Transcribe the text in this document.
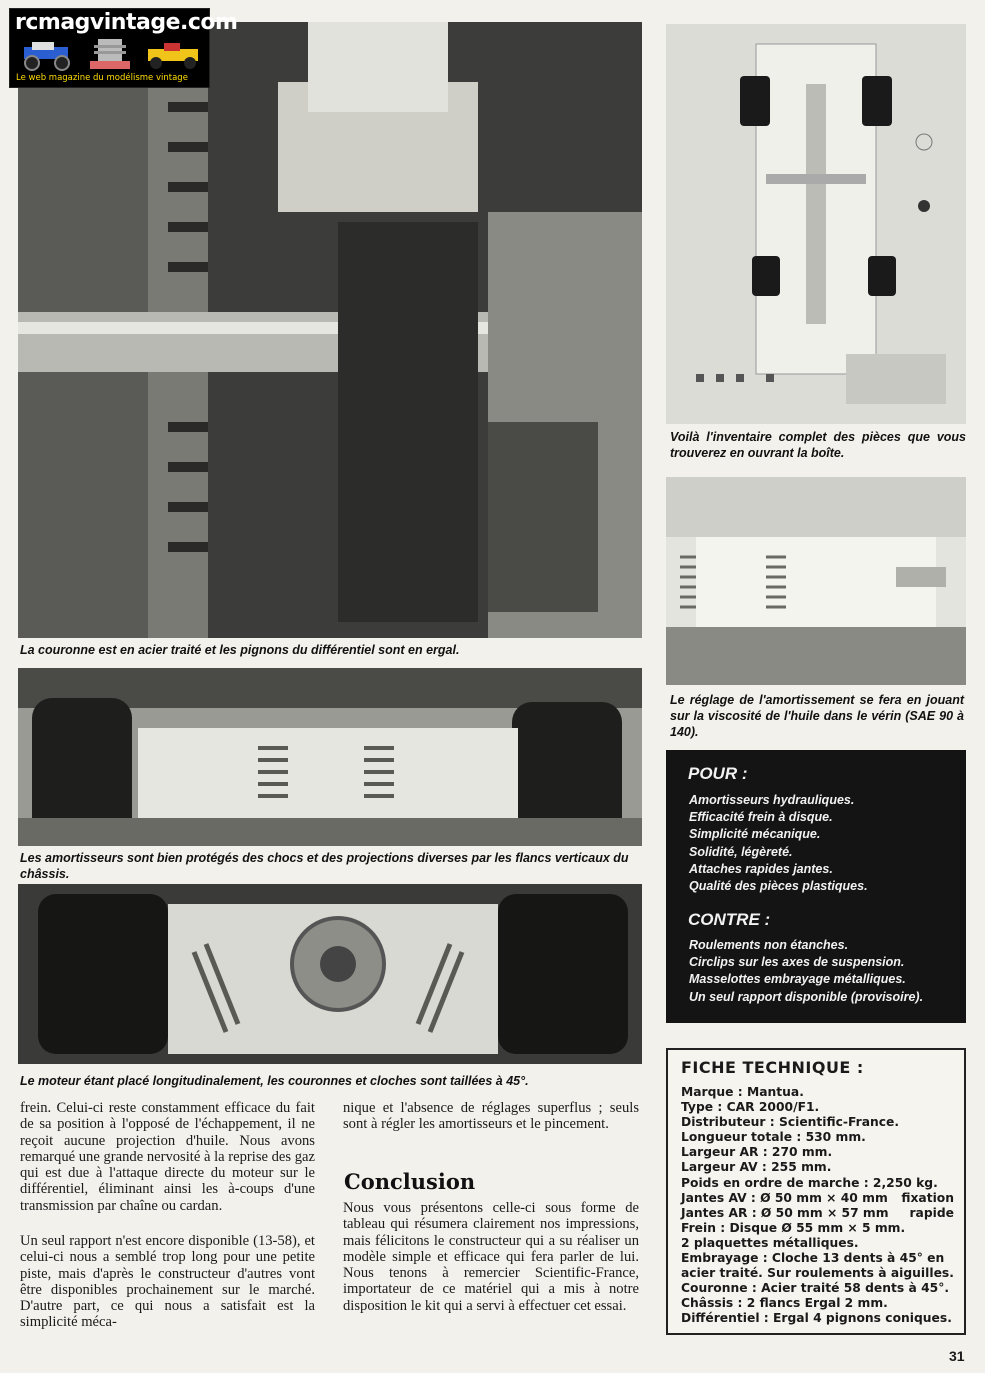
rcmagvintage.com
Le web magazine du modélisme vintage

La couronne est en acier traité et les pignons du différentiel sont en ergal.

Voilà l'inventaire complet des pièces que vous trouverez en ouvrant la boîte.

Le réglage de l'amortissement se fera en jouant sur la viscosité de l'huile dans le vérin (SAE 90 à 140).

Les amortisseurs sont bien protégés des chocs et des projections diverses par les flancs verticaux du châssis.

Le moteur étant placé longitudinalement, les couronnes et cloches sont taillées à 45°.

frein. Celui-ci reste constamment efficace du fait de sa position à l'opposé de l'échappement, il ne reçoit aucune projection d'huile. Nous avons remarqué une grande nervosité à la reprise des gaz qui est due à l'attaque directe du moteur sur le différentiel, éliminant ainsi les à-coups d'une transmission par chaîne ou cardan.

Un seul rapport n'est encore disponible (13-58), et celui-ci nous a semblé trop long pour une petite piste, mais d'après le constructeur d'autres vont être disponibles prochainement sur le marché. D'autre part, ce qui nous a satisfait est la simplicité méca-

nique et l'absence de réglages superflus ; seuls sont à régler les amortisseurs et le pincement.

Conclusion

Nous vous présentons celle-ci sous forme de tableau qui résumera clairement nos impressions, mais félicitons le constructeur qui a su réaliser un modèle simple et efficace qui fera parler de lui. Nous tenons à remercier Scientific-France, importateur de ce matériel qui a mis à notre disposition le kit qui a servi à effectuer cet essai.

POUR :
Amortisseurs hydrauliques.
Efficacité frein à disque.
Simplicité mécanique.
Solidité, légèreté.
Attaches rapides jantes.
Qualité des pièces plastiques.
CONTRE :
Roulements non étanches.
Circlips sur les axes de suspension.
Masselottes embrayage métalliques.
Un seul rapport disponible (provisoire).
FICHE TECHNIQUE :
Marque : Mantua.
Type : CAR 2000/F1.
Distributeur : Scientific-France.
Longueur totale : 530 mm.
Largeur AR : 270 mm.
Largeur AV : 255 mm.
Poids en ordre de marche : 2,250 kg.
Jantes AV : Ø 50 mm × 40 mm fixation
Jantes AR : Ø 50 mm × 57 mm rapide
Frein : Disque Ø 55 mm × 5 mm.
2 plaquettes métalliques.
Embrayage : Cloche 13 dents à 45° en
acier traité. Sur roulements à aiguilles.
Couronne : Acier traité 58 dents à 45°.
Châssis : 2 flancs Ergal 2 mm.
Différentiel : Ergal 4 pignons coniques.
31
